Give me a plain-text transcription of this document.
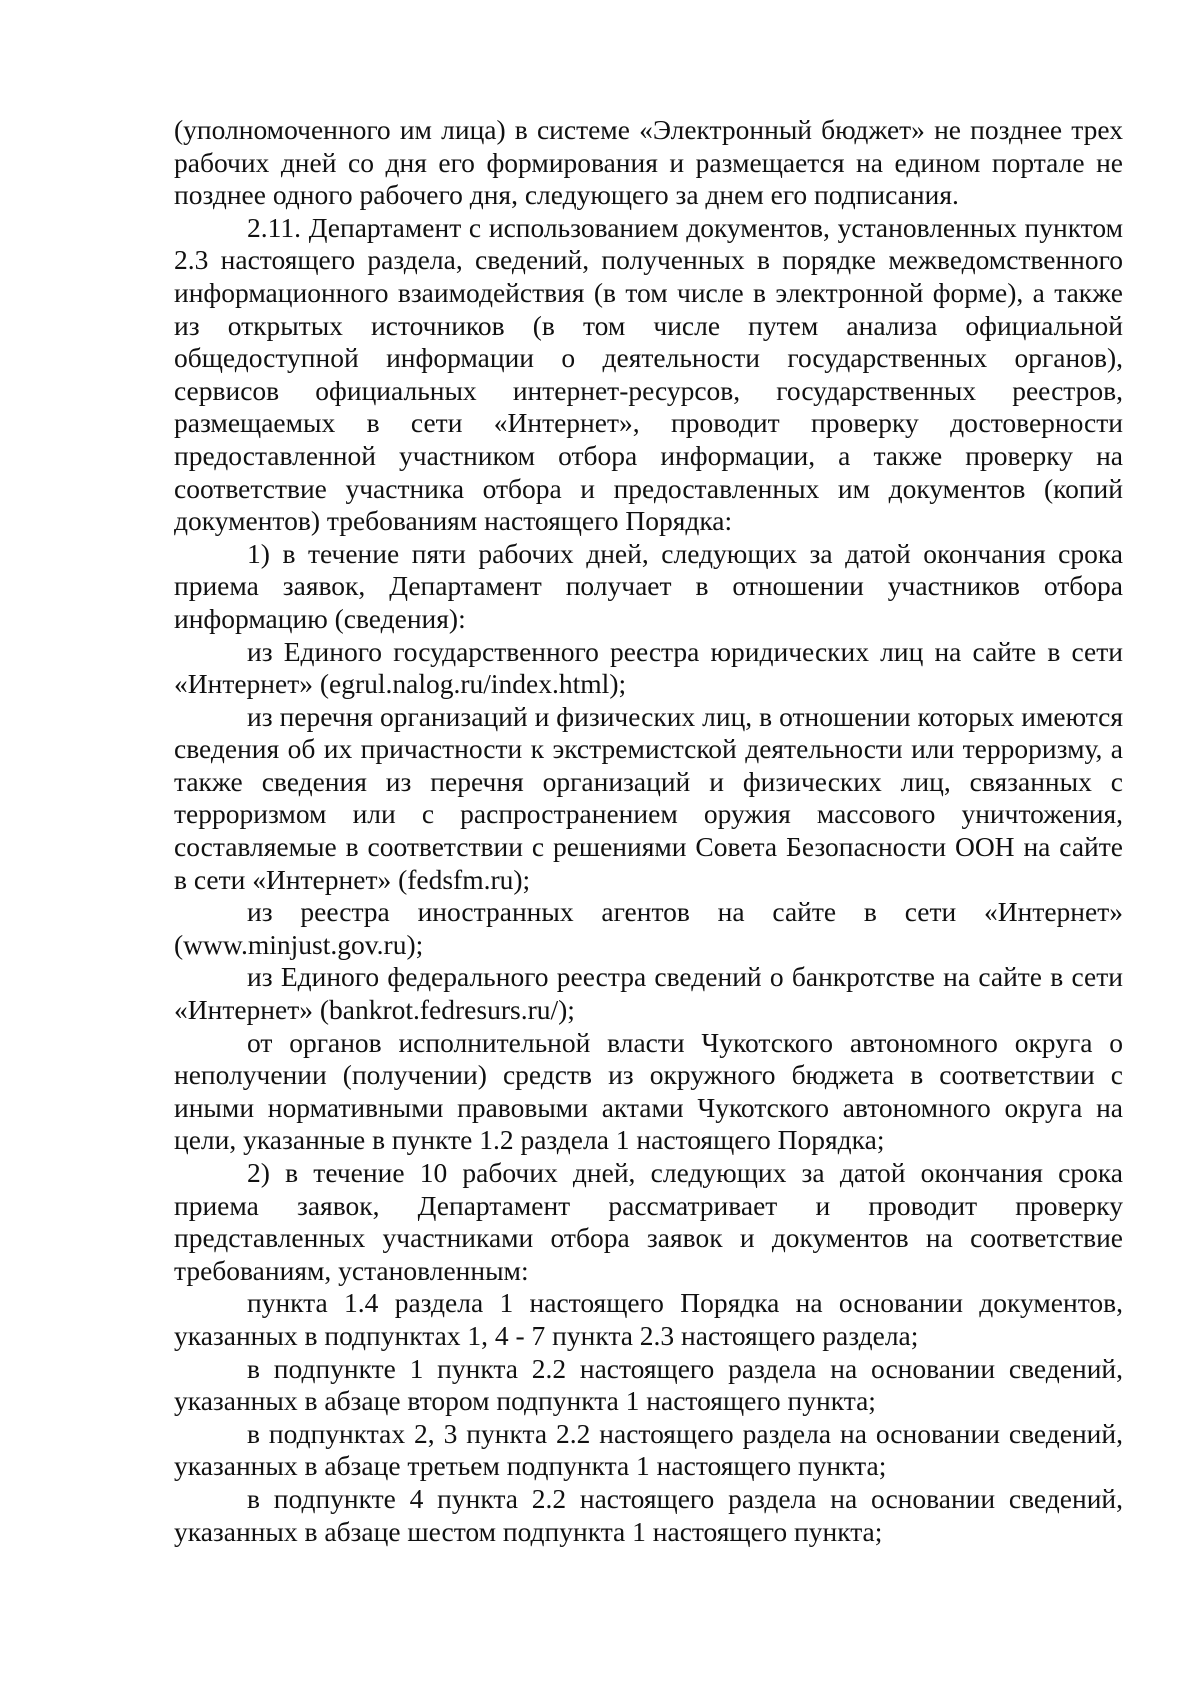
(уполномоченного им лица) в системе «Электронный бюджет» не позднее трех рабочих дней со дня его формирования и размещается на едином портале не позднее одного рабочего дня, следующего за днем его подписания.

2.11. Департамент с использованием документов, установленных пунктом 2.3 настоящего раздела, сведений, полученных в порядке межведомственного информационного взаимодействия (в том числе в электронной форме), а также из открытых источников (в том числе путем анализа официальной общедоступной информации о деятельности государственных органов), сервисов официальных интернет-ресурсов, государственных реестров, размещаемых в сети «Интернет», проводит проверку достоверности предоставленной участником отбора информации, а также проверку на соответствие участника отбора и предоставленных им документов (копий документов) требованиям настоящего Порядка:

1) в течение пяти рабочих дней, следующих за датой окончания срока приема заявок, Департамент получает в отношении участников отбора информацию (сведения):

из Единого государственного реестра юридических лиц на сайте в сети «Интернет» (egrul.nalog.ru/index.html);

из перечня организаций и физических лиц, в отношении которых имеются сведения об их причастности к экстремистской деятельности или терроризму, а также сведения из перечня организаций и физических лиц, связанных с терроризмом или с распространением оружия массового уничтожения, составляемые в соответствии с решениями Совета Безопасности ООН на сайте в сети «Интернет» (fedsfm.ru);

из реестра иностранных агентов на сайте в сети «Интернет» (www.minjust.gov.ru);

из Единого федерального реестра сведений о банкротстве на сайте в сети «Интернет» (bankrot.fedresurs.ru/);

от органов исполнительной власти Чукотского автономного округа о неполучении (получении) средств из окружного бюджета в соответствии с иными нормативными правовыми актами Чукотского автономного округа на цели, указанные в пункте 1.2 раздела 1 настоящего Порядка;

2) в течение 10 рабочих дней, следующих за датой окончания срока приема заявок, Департамент рассматривает и проводит проверку представленных участниками отбора заявок и документов на соответствие требованиям, установленным:

пункта 1.4 раздела 1 настоящего Порядка на основании документов, указанных в подпунктах 1, 4 - 7 пункта 2.3 настоящего раздела;

в подпункте 1 пункта 2.2 настоящего раздела на основании сведений, указанных в абзаце втором подпункта 1 настоящего пункта;

в подпунктах 2, 3 пункта 2.2 настоящего раздела на основании сведений, указанных в абзаце третьем подпункта 1 настоящего пункта;

в подпункте 4 пункта 2.2 настоящего раздела на основании сведений, указанных в абзаце шестом подпункта 1 настоящего пункта;
